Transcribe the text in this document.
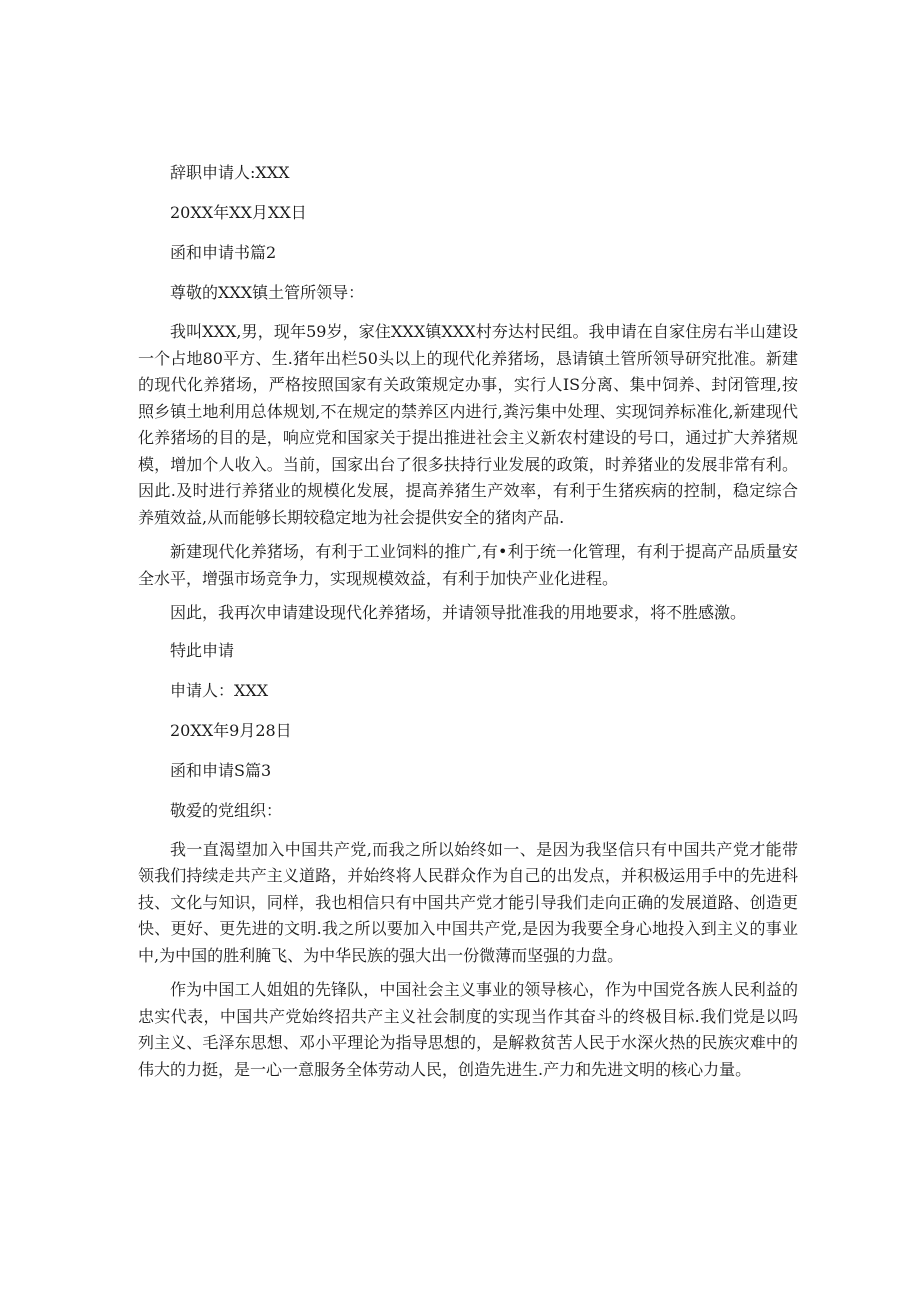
辞职申请人:XXX

20XX年XX月XX日

函和申请书篇2

尊敬的XXX镇土管所领导：

我叫XXX,男，现年59岁，家住XXX镇XXX村夯达村民组。我申请在自家住房右半山建设一个占地80平方、生.猪年出栏50头以上的现代化养猪场，恳请镇土管所领导研究批准。新建的现代化养猪场，严格按照国家有关政策规定办事，实行人IS分离、集中饲养、封闭管理,按照乡镇土地利用总体规划,不在规定的禁养区内进行,粪污集中处理、实现饲养标准化,新建现代化养猪场的目的是，响应党和国家关于提出推进社会主义新农村建设的号口，通过扩大养猪规模，增加个人收入。当前，国家出台了很多扶持行业发展的政策，时养猪业的发展非常有利。因此.及时进行养猪业的规模化发展，提高养猪生产效率，有利于生猪疾病的控制，稳定综合养殖效益,从而能够长期较稳定地为社会提供安全的猪肉产品.

新建现代化养猪场，有利于工业饲料的推广,有•利于统一化管理，有利于提高产品质量安全水平，增强市场竞争力，实现规模效益，有利于加快产业化进程。

因此，我再次申请建设现代化养猪场，并请领导批准我的用地要求，将不胜感激。

特此申请

申请人：XXX

20XX年9月28日

函和申请S篇3

敬爱的党组织：

我一直渴望加入中国共产党,而我之所以始终如一、是因为我坚信只有中国共产党才能带领我们持续走共产主义道路，并始终将人民群众作为自己的出发点，并积极运用手中的先进科技、文化与知识，同样，我也相信只有中国共产党才能引导我们走向正确的发展道路、创造更快、更好、更先进的文明.我之所以要加入中国共产党,是因为我要全身心地投入到主义的事业中,为中国的胜利腌飞、为中华民族的强大出一份微薄而坚强的力盘。

作为中国工人姐姐的先锋队，中国社会主义事业的领导核心，作为中国党各族人民利益的忠实代表，中国共产党始终招共产主义社会制度的实现当作其奋斗的终极目标.我们党是以吗列主义、毛泽东思想、邓小平理论为指导思想的，是解救贫苦人民于水深火热的民族灾难中的伟大的力挺，是一心一意服务全体劳动人民，创造先进生.产力和先进文明的核心力量。
